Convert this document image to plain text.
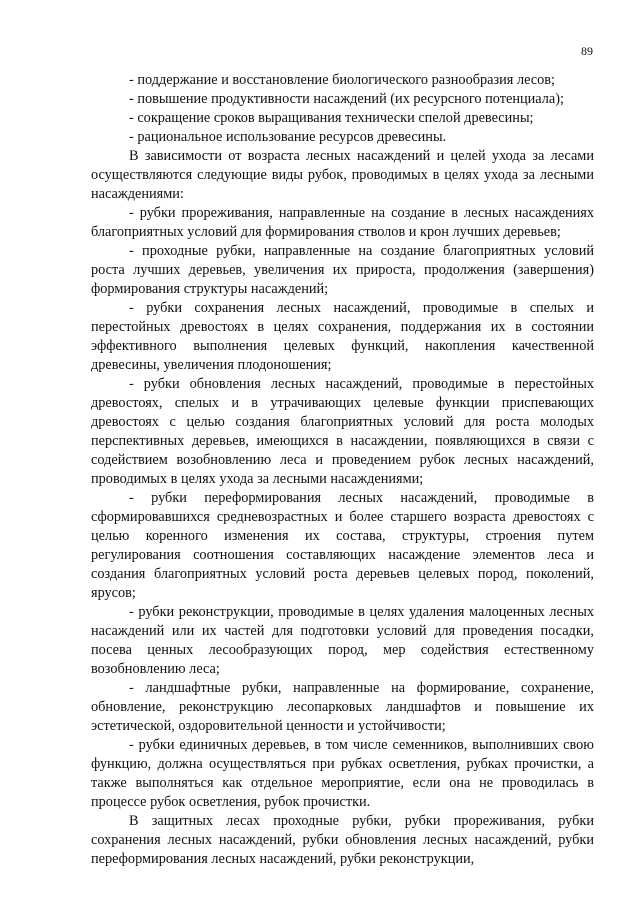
89

- поддержание и восстановление биологического разнообразия лесов;

- повышение продуктивности насаждений (их ресурсного потенциала);

- сокращение сроков выращивания технически спелой древесины;

- рациональное использование ресурсов древесины.

В зависимости от возраста лесных насаждений и целей ухода за лесами осуществляются следующие виды рубок, проводимых в целях ухода за лесными насаждениями:

- рубки прореживания, направленные на создание в лесных насаждениях благоприятных условий для формирования стволов и крон лучших деревьев;

- проходные рубки, направленные на создание благоприятных условий роста лучших деревьев, увеличения их прироста, продолжения (завершения) формирования структуры насаждений;

- рубки сохранения лесных насаждений, проводимые в спелых и перестойных древостоях в целях сохранения, поддержания их в состоянии эффективного выполнения целевых функций, накопления качественной древесины, увеличения плодоношения;

- рубки обновления лесных насаждений, проводимые в перестойных древостоях, спелых и в утрачивающих целевые функции приспевающих древостоях с целью создания благоприятных условий для роста молодых перспективных деревьев, имеющихся в насаждении, появляющихся в связи с содействием возобновлению леса и проведением рубок лесных насаждений, проводимых в целях ухода за лесными насаждениями;

- рубки переформирования лесных насаждений, проводимые в сформировавшихся средневозрастных и более старшего возраста древостоях с целью коренного изменения их состава, структуры, строения путем регулирования соотношения составляющих насаждение элементов леса и создания благоприятных условий роста деревьев целевых пород, поколений, ярусов;

- рубки реконструкции, проводимые в целях удаления малоценных лесных насаждений или их частей для подготовки условий для проведения посадки, посева ценных лесообразующих пород, мер содействия естественному возобновлению леса;

- ландшафтные рубки, направленные на формирование, сохранение, обновление, реконструкцию лесопарковых ландшафтов и повышение их эстетической, оздоровительной ценности и устойчивости;

- рубки единичных деревьев, в том числе семенников, выполнивших свою функцию, должна осуществляться при рубках осветления, рубках прочистки, а также выполняться как отдельное мероприятие, если она не проводилась в процессе рубок осветления, рубок прочистки.

В защитных лесах проходные рубки, рубки прореживания, рубки сохранения лесных насаждений, рубки обновления лесных насаждений, рубки переформирования лесных насаждений, рубки реконструкции,
